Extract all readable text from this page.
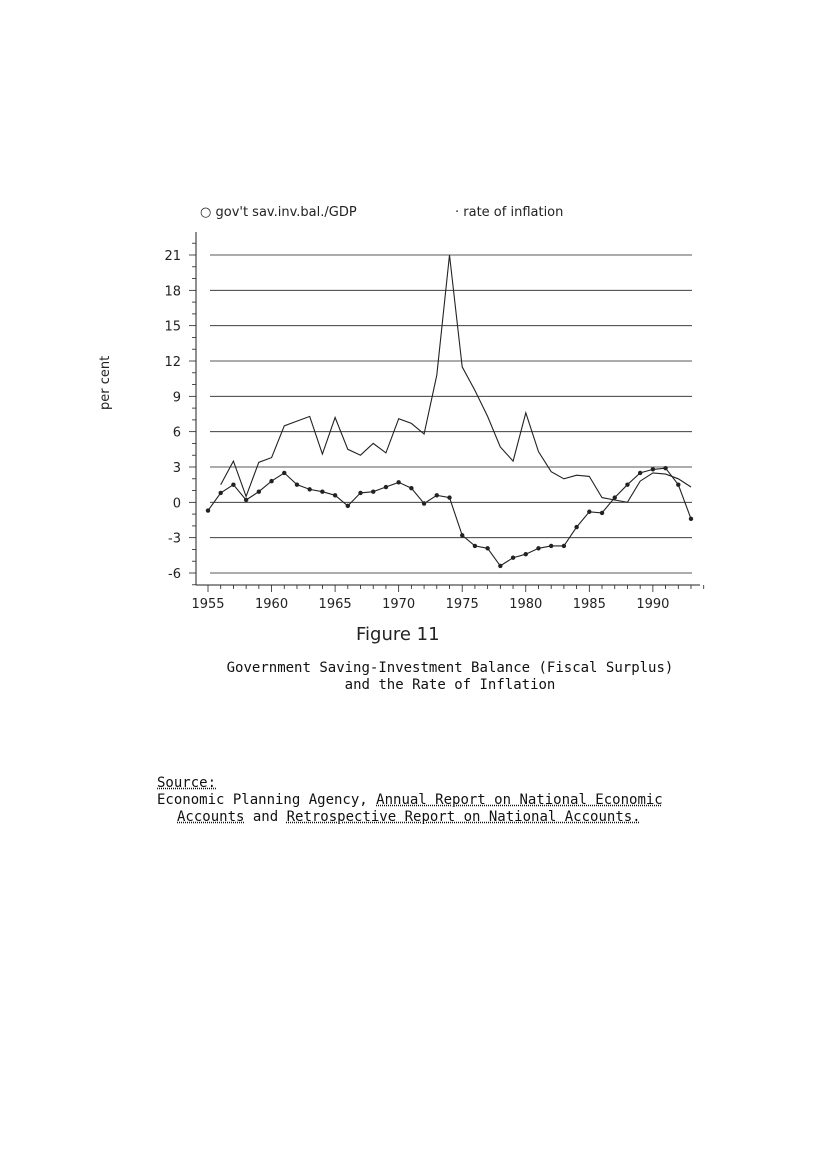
21
18
15
12
9
6
3
0
-3
-6
1955 1960 1965 1970 1975 1980 1985 1990
○ gov't sav.inv.bal./GDP	· rate of inflation
per cent
Figure 11
Government Saving-Investment Balance (Fiscal Surplus)
and the Rate of Inflation
Source:
Economic Planning Agency, Annual Report on National Economic
Accounts and Retrospective Report on National Accounts.
